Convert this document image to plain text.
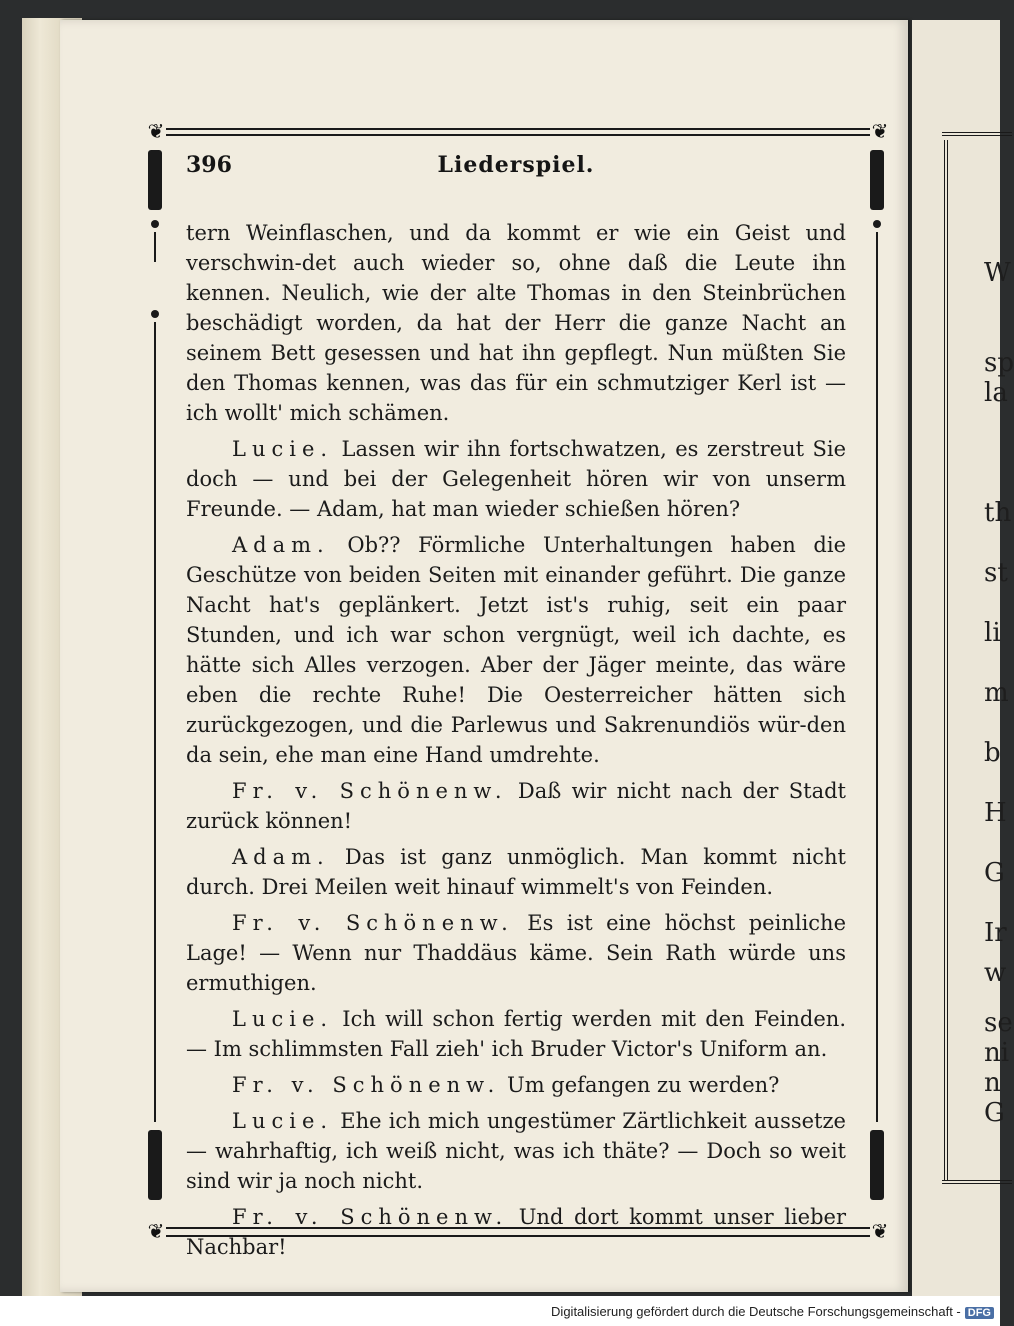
W
sp
la
th
st
li
m
b
H
G
Ir
w
se
ni
n
G
❦	❦
❦	❦
396	Liederspiel.

tern Weinflaschen, und da kommt er wie ein Geist und verschwin-det auch wieder so, ohne daß die Leute ihn kennen. Neulich, wie der alte Thomas in den Steinbrüchen beschädigt worden, da hat der Herr die ganze Nacht an seinem Bett gesessen und hat ihn gepflegt. Nun müßten Sie den Thomas kennen, was das für ein schmutziger Kerl ist — ich wollt' mich schämen.

Lucie. Lassen wir ihn fortschwatzen, es zerstreut Sie doch — und bei der Gelegenheit hören wir von unserm Freunde. — Adam, hat man wieder schießen hören?

Adam. Ob?? Förmliche Unterhaltungen haben die Geschütze von beiden Seiten mit einander geführt. Die ganze Nacht hat's geplänkert. Jetzt ist's ruhig, seit ein paar Stunden, und ich war schon vergnügt, weil ich dachte, es hätte sich Alles verzogen. Aber der Jäger meinte, das wäre eben die rechte Ruhe! Die Oesterreicher hätten sich zurückgezogen, und die Parlewus und Sakrenundiös wür-den da sein, ehe man eine Hand umdrehte.

Fr. v. Schönenw. Daß wir nicht nach der Stadt zurück können!

Adam. Das ist ganz unmöglich. Man kommt nicht durch. Drei Meilen weit hinauf wimmelt's von Feinden.

Fr. v. Schönenw. Es ist eine höchst peinliche Lage! — Wenn nur Thaddäus käme. Sein Rath würde uns ermuthigen.

Lucie. Ich will schon fertig werden mit den Feinden. — Im schlimmsten Fall zieh' ich Bruder Victor's Uniform an.

Fr. v. Schönenw. Um gefangen zu werden?

Lucie. Ehe ich mich ungestümer Zärtlichkeit aussetze — wahrhaftig, ich weiß nicht, was ich thäte? — Doch so weit sind wir ja noch nicht.

Fr. v. Schönenw. Und dort kommt unser lieber Nachbar!

Digitalisierung gefördert durch die Deutsche Forschungsgemeinschaft - DFG
